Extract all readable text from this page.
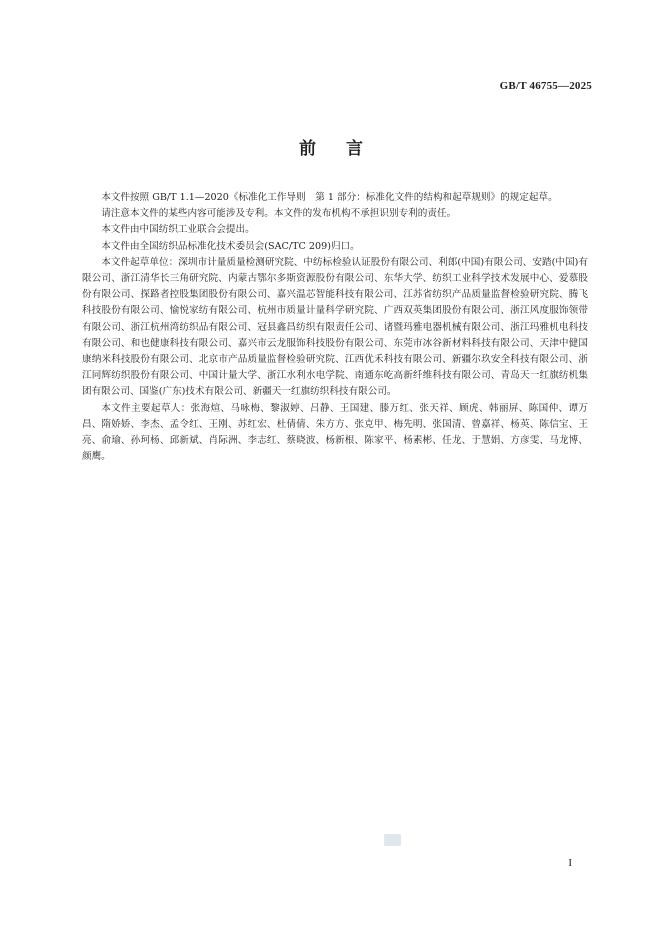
GB/T 46755—2025
前言

本文件按照 GB/T 1.1—2020《标准化工作导则　第 1 部分：标准化文件的结构和起草规则》的规定起草。

请注意本文件的某些内容可能涉及专利。本文件的发布机构不承担识别专利的责任。

本文件由中国纺织工业联合会提出。

本文件由全国纺织品标准化技术委员会(SAC/TC 209)归口。

本文件起草单位：深圳市计量质量检测研究院、中纺标检验认证股份有限公司、利郎(中国)有限公司、安踏(中国)有限公司、浙江清华长三角研究院、内蒙古鄂尔多斯资源股份有限公司、东华大学、纺织工业科学技术发展中心、爱慕股份有限公司、探路者控股集团股份有限公司、嘉兴温芯智能科技有限公司、江苏省纺织产品质量监督检验研究院、腾飞科技股份有限公司、愉悦家纺有限公司、杭州市质量计量科学研究院、广西双英集团股份有限公司、浙江风度服饰领带有限公司、浙江杭州湾纺织品有限公司、冠县鑫昌纺织有限责任公司、诸暨玛雅电器机械有限公司、浙江玛雅机电科技有限公司、和也健康科技有限公司、嘉兴市云龙服饰科技股份有限公司、东莞市冰谷新材料科技有限公司、天津中健国康纳米科技股份有限公司、北京市产品质量监督检验研究院、江西优禾科技有限公司、新疆尔玖安全科技有限公司、浙江同辉纺织股份有限公司、中国计量大学、浙江水利水电学院、南通东屹高新纤维科技有限公司、青岛天一红旗纺机集团有限公司、国鉴(广东)技术有限公司、新疆天一红旗纺织科技有限公司。

本文件主要起草人：张海煊、马咏梅、黎淑婷、吕静、王国建、滕万红、张天祥、顾虎、韩丽屏、陈国仲、谭万昌、隋娇娇、李杰、孟令红、王刚、苏红宏、杜倩倩、朱方方、张克甲、梅先明、张国清、曾嘉祥、杨英、陈信宝、王亮、俞瑜、孙珂杨、邱新斌、肖际洲、李志红、蔡晓波、杨新根、陈家平、杨素彬、任龙、于慧娟、方彦雯、马龙博、颜鹰。

I
